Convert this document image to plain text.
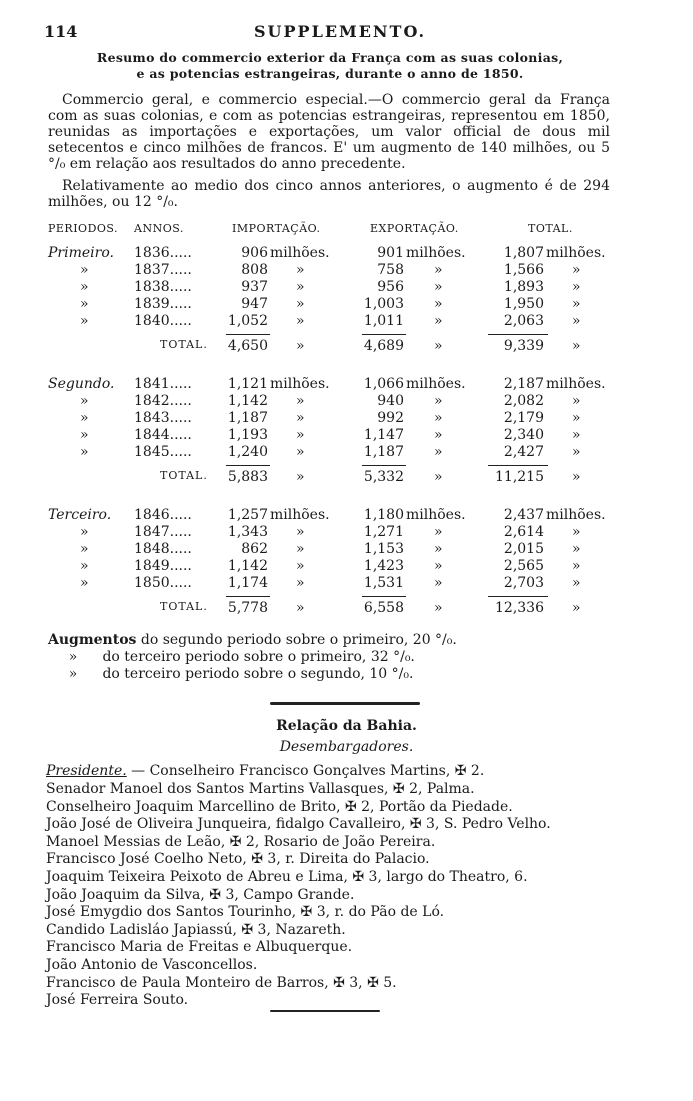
114	SUPPLEMENTO.
Resumo do commercio exterior da França com as suas colonias,
e as potencias estrangeiras, durante o anno de 1850.
Commercio geral, e commercio especial.—O commercio geral da França com as suas colonias, e com as potencias estrangeiras, representou em 1850, reunidas as importações e exportações, um valor official de dous mil setecentos e cinco milhões de francos. E' um augmento de 140 milhões, ou 5 °/₀ em relação aos resultados do anno precedente.
Relativamente ao medio dos cinco annos anteriores, o augmento é de 294 milhões, ou 12 °/₀.
PERIODOS. ANNOS.	IMPORTAÇÃO.	EXPORTAÇÃO.	TOTAL.
Primeiro. 1836.....	906 milhões.	901 milhões.	1,807 milhões.
»	1837.....	808 »	758 »	1,566 »
»	1838.....	937 »	956 »	1,893 »
»	1839.....	947 »	1,003 »	1,950 »
»	1840.....	1,052 »	1,011 »	2,063 »
TOTAL.	4,650 »	4,689 »	9,339 »
Segundo. 1841.....	1,121 milhões.	1,066 milhões.	2,187 milhões.
»	1842.....	1,142 »	940 »	2,082 »
»	1843.....	1,187 »	992 »	2,179 »
»	1844.....	1,193 »	1,147 »	2,340 »
»	1845.....	1,240 »	1,187 »	2,427 »
TOTAL.	5,883 »	5,332 »	11,215 »
Terceiro. 1846.....	1,257 milhões.	1,180 milhões.	2,437 milhões.
»	1847.....	1,343 »	1,271 »	2,614 »
»	1848.....	862 »	1,153 »	2,015 »
»	1849.....	1,142 »	1,423 »	2,565 »
»	1850.....	1,174 »	1,531 »	2,703 »
TOTAL.	5,778 »	6,558 »	12,336 »
Augmentos do segundo periodo sobre o primeiro, 20 °/₀.
» do terceiro periodo sobre o primeiro, 32 °/₀.
» do terceiro periodo sobre o segundo, 10 °/₀.
Relação da Bahia.
Desembargadores.
Presidente. — Conselheiro Francisco Gonçalves Martins, ✠ 2.
Senador Manoel dos Santos Martins Vallasques, ✠ 2, Palma.
Conselheiro Joaquim Marcellino de Brito, ✠ 2, Portão da Piedade.
João José de Oliveira Junqueira, fidalgo Cavalleiro, ✠ 3, S. Pedro Velho.
Manoel Messias de Leão, ✠ 2, Rosario de João Pereira.
Francisco José Coelho Neto, ✠ 3, r. Direita do Palacio.
Joaquim Teixeira Peixoto de Abreu e Lima, ✠ 3, largo do Theatro, 6.
João Joaquim da Silva, ✠ 3, Campo Grande.
José Emygdio dos Santos Tourinho, ✠ 3, r. do Pão de Ló.
Candido Ladisláo Japiassú, ✠ 3, Nazareth.
Francisco Maria de Freitas e Albuquerque.
João Antonio de Vasconcellos.
Francisco de Paula Monteiro de Barros, ✠ 3, ✠ 5.
José Ferreira Souto.
